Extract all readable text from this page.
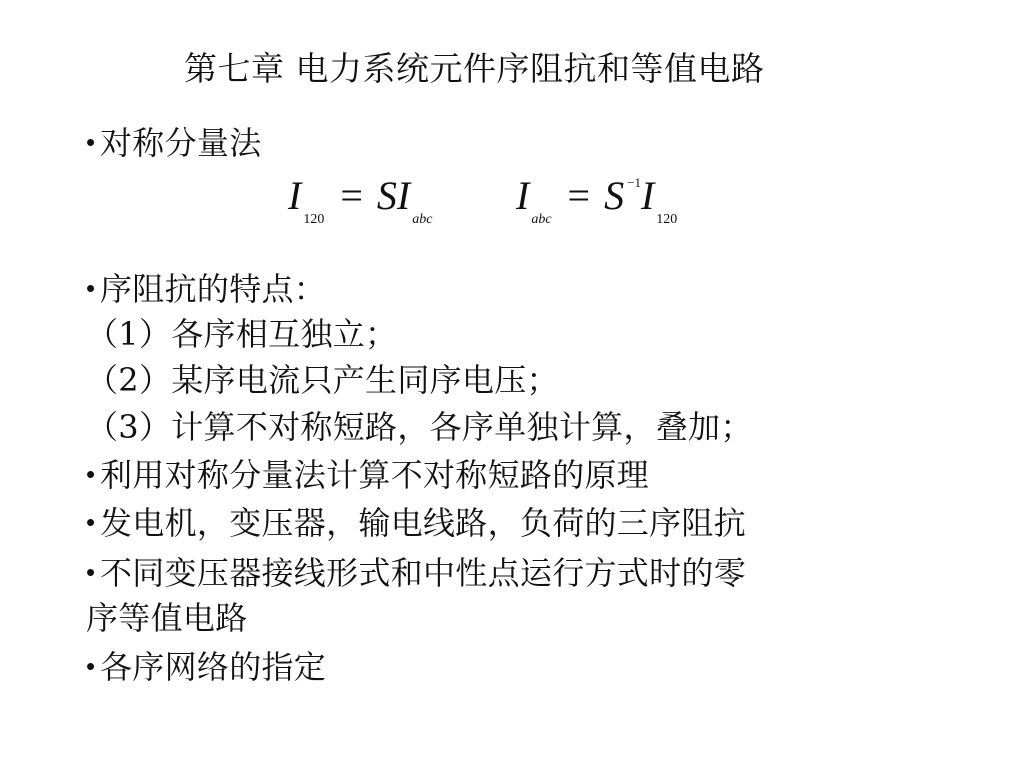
第七章 电力系统元件序阻抗和等值电路
• 对称分量法
$I_{120}= SI_{abc}$
$I_{abc}= S$ $^{-1}I_{120}$
• 序阻抗的特点：
（1）各序相互独立；
（2）某序电流只产生同序电压；
（3）计算不对称短路，各序单独计算，叠加；
• 利用对称分量法计算不对称短路的原理
• 发电机，变压器，输电线路，负荷的三序阻抗
• 不同变压器接线形式和中性点运行方式时的零
序等值电路
• 各序网络的指定
